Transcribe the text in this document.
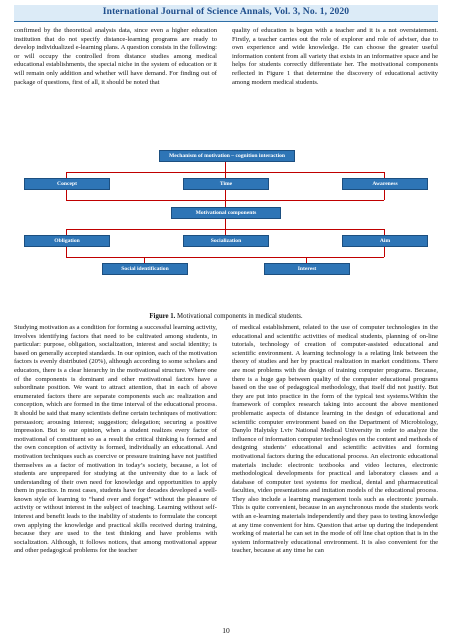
International Journal of Science Annals, Vol. 3, No. 1, 2020

confirmed by the theoretical analysis data, since even a higher education institution that do not specify distance-learning programs are ready to develop individualized e-learning plans. A question consists in the following: or will occupy the controlled from distance studies among medical educational establishments, the special niche in the system of education or it will remain only addition and whether will have demand. For finding out of package of questions, first of all, it should be noted that

quality of education is begun with a teacher and it is a not overstatement. Firstly, a teacher carries out the role of explorer and role of adviser, due to own experience and wide knowledge. He can choose the greater useful information content from all variety that exists in an informative space and he helps for students correctly differentiate her. The motivational components reflected in Figure 1 that determine the discovery of educational activity among modern medical students.

Mechanism of motivation – cognition interaction
Concept	Time	Awareness
Motivational components
Obligation	Socialization	Aim
Social identification	Interest
Figure 1. Motivational components in medical students.

Studying motivation as a condition for forming a successful learning activity, involves identifying factors that need to be cultivated among students, in particular: purpose, obligation, socialization, interest and social identity; is based on generally accepted standards. In our opinion, each of the motivation factors is evenly distributed (20%), although according to some scholars and educators, there is a clear hierarchy in the motivational structure. Where one of the components is dominant and other motivational factors have a subordinate position. We want to attract attention, that in each of above enumerated factors there are separate components such as: realization and conception, which are formed in the time interval of the educational process. It should be said that many scientists define certain techniques of motivation: persuasion; arousing interest; suggestion; delegation; securing a positive impression. But to our opinion, when a student realizes every factor of motivational of constituent so as a result the critical thinking is formed and the own conception of activity is formed, individually an educational. And motivation techniques such as coercive or pressure training have not justified themselves as a factor of motivation in today’s society, because, a lot of students are unprepared for studying at the university due to a lack of understanding of their own need for knowledge and opportunities to apply them in practice. In most cases, students have for decades developed a well-known style of learning to “hand over and forget” without the pleasure of activity or without interest in the subject of teaching. Learning without self-interest and benefit leads to the inability of students to formulate the concept own applying the knowledge and practical skills received during training, because they are used to the test thinking and have problems with socialization. Although, it follows notices, that among motivational appear and other pedagogical problems for the teacher

of medical establishment, related to the use of computer technologies in the educational and scientific activities of medical students, planning of on-line tutorials, technology of creation of computer-assisted educational and scientific environment. A learning technology is a relating link between the theory of studies and her by practical realization in market conditions. There are most problems with the design of training computer programs. Because, there is a huge gap between quality of the computer educational programs based on the use of pedagogical methodology, that itself did not justify. But they are put into practice in the form of the typical test systems.Within the framework of complex research taking into account the above mentioned problematic aspects of distance learning in the design of educational and scientific computer environment based on the Department of Microbiology, Danylo Halytsky Lviv National Medical University in order to analyze the influence of information computer technologies on the content and methods of designing students’ educational and scientific activities and forming motivational factors during the educational process. An electronic educational materials include: electronic textbooks and video lectures, electronic methodological developments for practical and laboratory classes and a database of computer test systems for medical, dental and pharmaceutical faculties, video presentations and imitation models of the educational process. They also include a learning management tools such as electronic journals. This is quite convenient, because in an asynchronous mode the students work with an e-learning materials independently and they pass to testing knowledge at any time convenient for him. Question that arise up during the independent working of material he can set in the mode of off line chat option that is in the system informatively educational environment. It is also convenient for the teacher, because at any time he can

10
